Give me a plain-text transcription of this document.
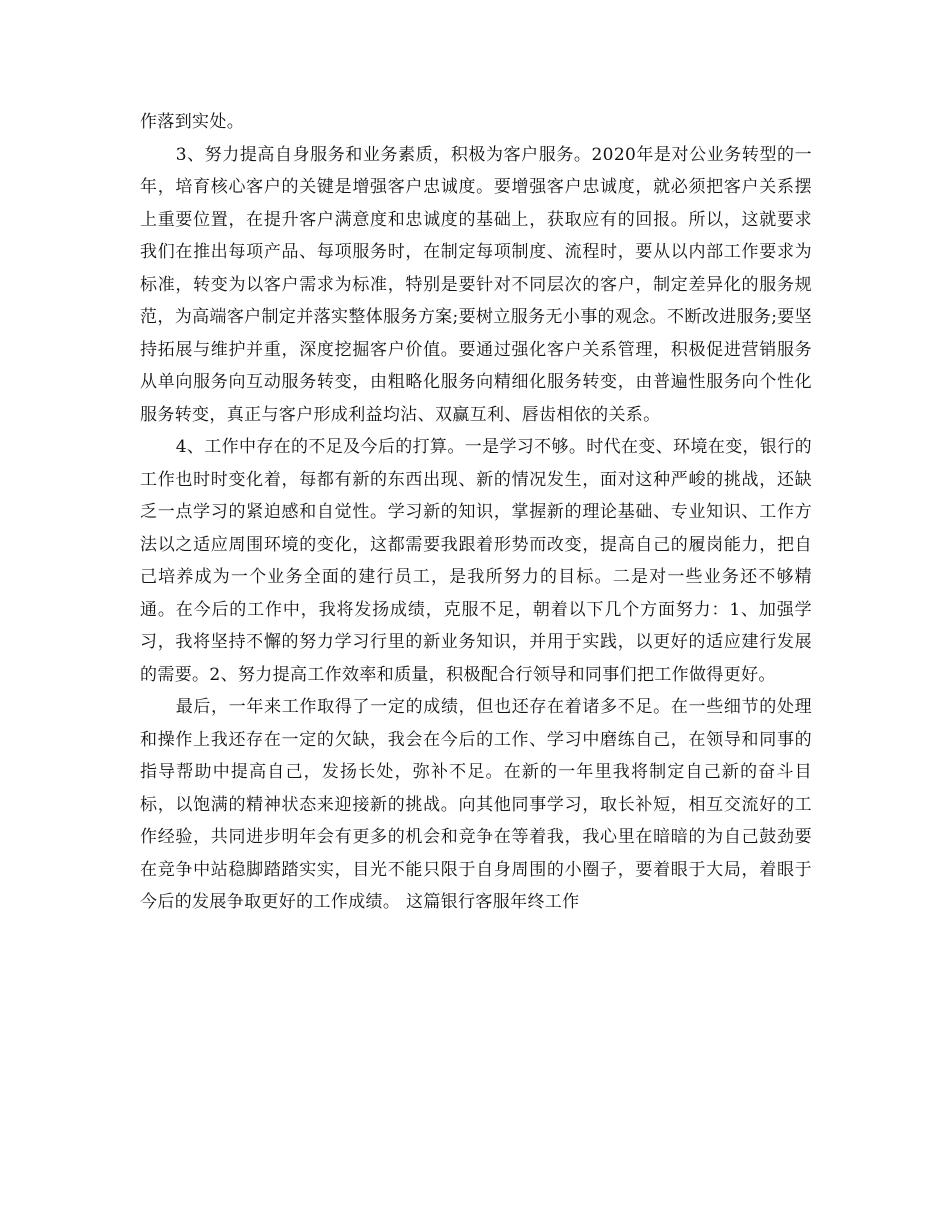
作落到实处。

3、努力提高自身服务和业务素质，积极为客户服务。2020年是对公业务转型的一年，培育核心客户的关键是增强客户忠诚度。要增强客户忠诚度，就必须把客户关系摆上重要位置，在提升客户满意度和忠诚度的基础上，获取应有的回报。所以，这就要求我们在推出每项产品、每项服务时，在制定每项制度、流程时，要从以内部工作要求为标准，转变为以客户需求为标准，特别是要针对不同层次的客户，制定差异化的服务规范，为高端客户制定并落实整体服务方案;要树立服务无小事的观念。不断改进服务;要坚持拓展与维护并重，深度挖掘客户价值。要通过强化客户关系管理，积极促进营销服务从单向服务向互动服务转变，由粗略化服务向精细化服务转变，由普遍性服务向个性化服务转变，真正与客户形成利益均沾、双赢互利、唇齿相依的关系。

4、工作中存在的不足及今后的打算。一是学习不够。时代在变、环境在变，银行的工作也时时变化着，每都有新的东西出现、新的情况发生，面对这种严峻的挑战，还缺乏一点学习的紧迫感和自觉性。学习新的知识，掌握新的理论基础、专业知识、工作方法以之适应周围环境的变化，这都需要我跟着形势而改变，提高自己的履岗能力，把自己培养成为一个业务全面的建行员工，是我所努力的目标。二是对一些业务还不够精通。在今后的工作中，我将发扬成绩，克服不足，朝着以下几个方面努力：1、加强学习，我将坚持不懈的努力学习行里的新业务知识，并用于实践，以更好的适应建行发展的需要。2、努力提高工作效率和质量，积极配合行领导和同事们把工作做得更好。

最后，一年来工作取得了一定的成绩，但也还存在着诸多不足。在一些细节的处理和操作上我还存在一定的欠缺，我会在今后的工作、学习中磨练自己，在领导和同事的指导帮助中提高自己，发扬长处，弥补不足。在新的一年里我将制定自己新的奋斗目标，以饱满的精神状态来迎接新的挑战。向其他同事学习，取长补短，相互交流好的工作经验，共同进步明年会有更多的机会和竞争在等着我，我心里在暗暗的为自己鼓劲要在竞争中站稳脚踏踏实实，目光不能只限于自身周围的小圈子，要着眼于大局，着眼于今后的发展争取更好的工作成绩。 这篇银行客服年终工作
